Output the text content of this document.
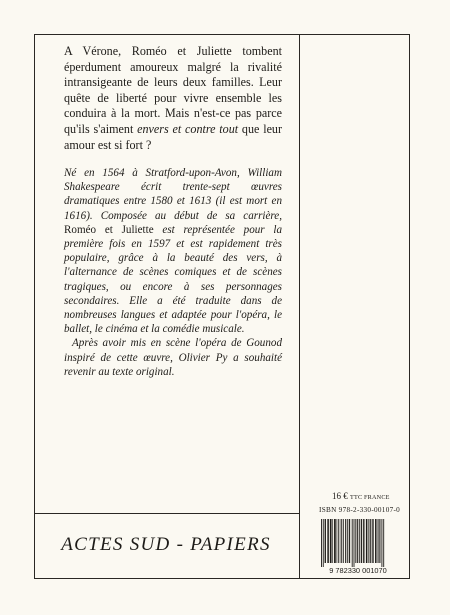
A Vérone, Roméo et Juliette tombent éperdument amoureux malgré la rivalité intransigeante de leurs deux familles. Leur quête de liberté pour vivre ensemble les conduira à la mort. Mais n'est-ce pas parce qu'ils s'aiment envers et contre tout que leur amour est si fort ?

Né en 1564 à Stratford-upon-Avon, William Shakespeare écrit trente-sept œuvres dramatiques entre 1580 et 1613 (il est mort en 1616). Composée au début de sa carrière, Roméo et Juliette est représentée pour la première fois en 1597 et est rapidement très populaire, grâce à la beauté des vers, à l'alternance de scènes comiques et de scènes tragiques, ou encore à ses personnages secondaires. Elle a été traduite dans de nombreuses langues et adaptée pour l'opéra, le ballet, le cinéma et la comédie musicale.

Après avoir mis en scène l'opéra de Gounod inspiré de cette œuvre, Olivier Py a souhaité revenir au texte original.

ACTES SUD - PAPIERS
16 € TTC FRANCE
ISBN 978-2-330-00107-0
9 782330 001070
